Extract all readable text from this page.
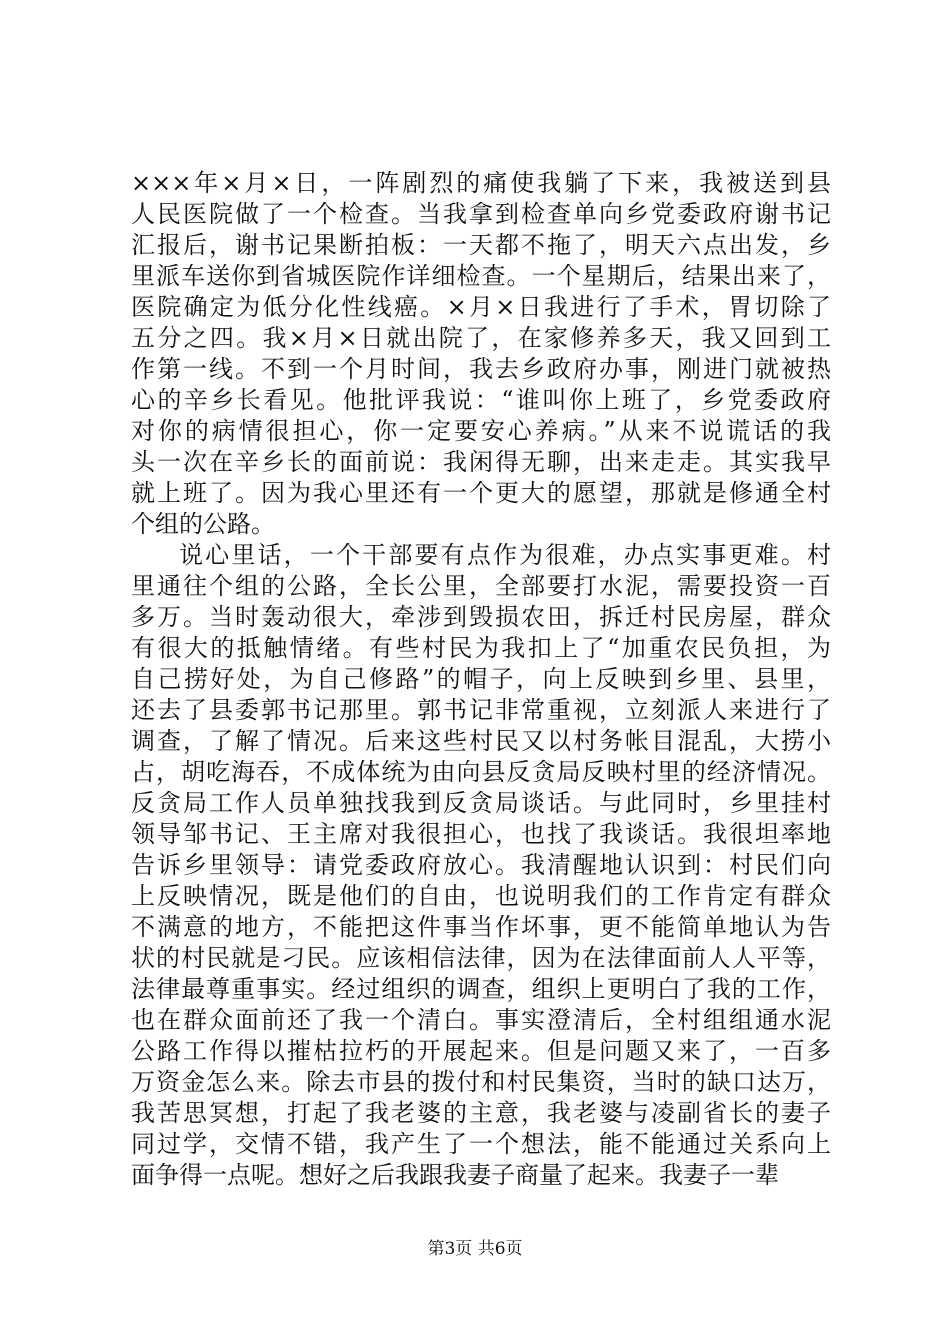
×××年×月×日，一阵剧烈的痛使我躺了下来，我被送到县
人民医院做了一个检查。当我拿到检查单向乡党委政府谢书记
汇报后，谢书记果断拍板：一天都不拖了，明天六点出发，乡
里派车送你到省城医院作详细检查。一个星期后，结果出来了，
医院确定为低分化性线癌。×月×日我进行了手术，胃切除了
五分之四。我×月×日就出院了，在家修养多天，我又回到工
作第一线。不到一个月时间，我去乡政府办事，刚进门就被热
心的辛乡长看见。他批评我说：“谁叫你上班了，乡党委政府
对你的病情很担心，你一定要安心养病。”从来不说谎话的我
头一次在辛乡长的面前说：我闲得无聊，出来走走。其实我早
就上班了。因为我心里还有一个更大的愿望，那就是修通全村
个组的公路。
说心里话，一个干部要有点作为很难，办点实事更难。村
里通往个组的公路，全长公里，全部要打水泥，需要投资一百
多万。当时轰动很大，牵涉到毁损农田，拆迁村民房屋，群众
有很大的抵触情绪。有些村民为我扣上了“加重农民负担，为
自己捞好处，为自己修路”的帽子，向上反映到乡里、县里，
还去了县委郭书记那里。郭书记非常重视，立刻派人来进行了
调查，了解了情况。后来这些村民又以村务帐目混乱，大捞小
占，胡吃海吞，不成体统为由向县反贪局反映村里的经济情况。
反贪局工作人员单独找我到反贪局谈话。与此同时，乡里挂村
领导邹书记、王主席对我很担心，也找了我谈话。我很坦率地
告诉乡里领导：请党委政府放心。我清醒地认识到：村民们向
上反映情况，既是他们的自由，也说明我们的工作肯定有群众
不满意的地方，不能把这件事当作坏事，更不能简单地认为告
状的村民就是刁民。应该相信法律，因为在法律面前人人平等，
法律最尊重事实。经过组织的调查，组织上更明白了我的工作，
也在群众面前还了我一个清白。事实澄清后，全村组组通水泥
公路工作得以摧枯拉朽的开展起来。但是问题又来了，一百多
万资金怎么来。除去市县的拨付和村民集资，当时的缺口达万，
我苦思冥想，打起了我老婆的主意，我老婆与凌副省长的妻子
同过学，交情不错，我产生了一个想法，能不能通过关系向上
面争得一点呢。想好之后我跟我妻子商量了起来。我妻子一辈
第3页 共6页
